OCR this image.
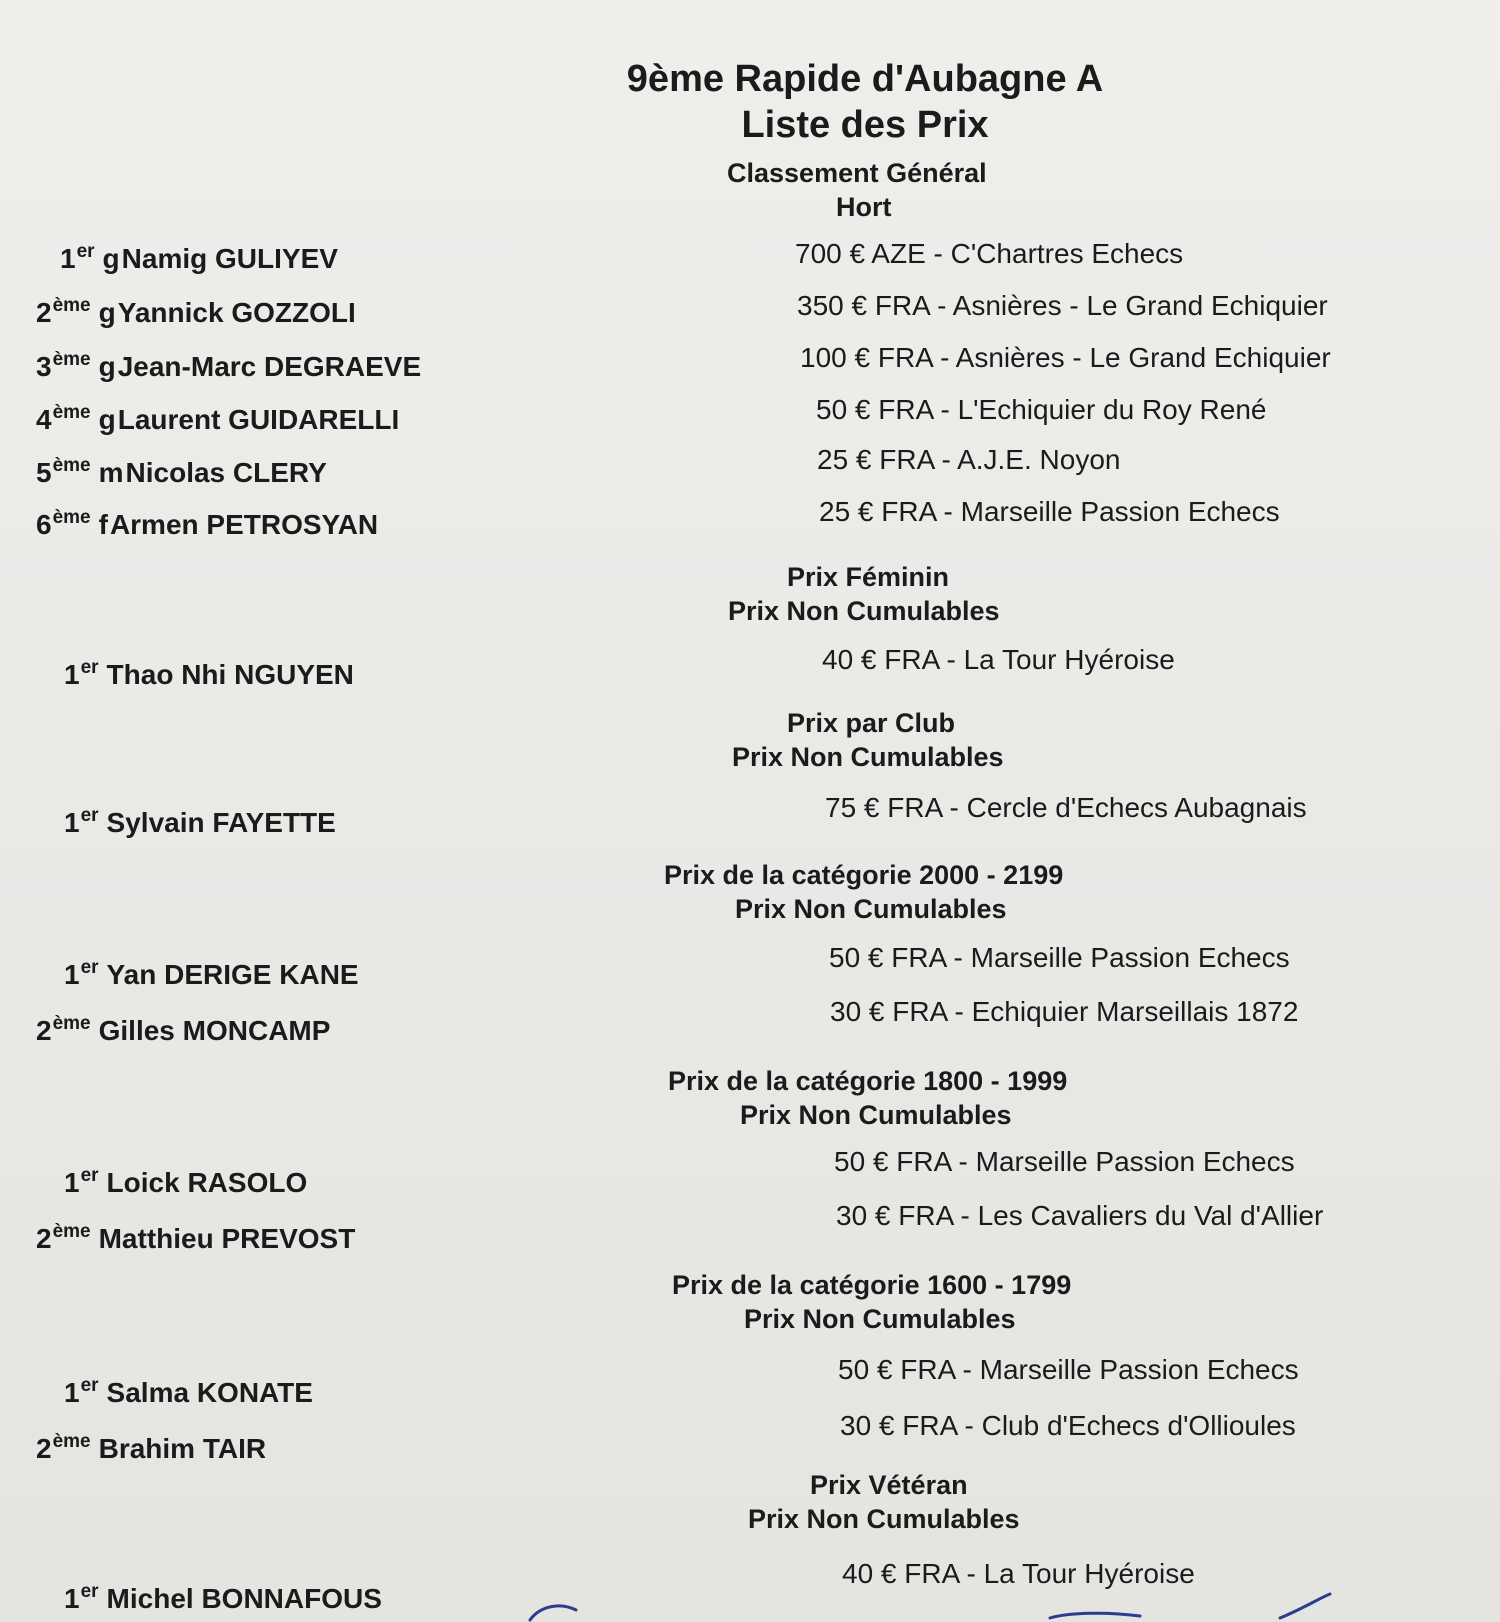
9ème Rapide d'Aubagne A
Liste des Prix
Classement Général
Hort
1er gNamig GULIYEV	700 € AZE - C'Chartres Echecs
2ème gYannick GOZZOLI	350 € FRA - Asnières - Le Grand Echiquier
3ème gJean-Marc DEGRAEVE	100 € FRA - Asnières - Le Grand Echiquier
4ème gLaurent GUIDARELLI	50 € FRA - L'Echiquier du Roy René
5ème mNicolas CLERY	25 € FRA - A.J.E. Noyon
6ème fArmen PETROSYAN	25 € FRA - Marseille Passion Echecs
Prix Féminin
Prix Non Cumulables
1er Thao Nhi NGUYEN	40 € FRA - La Tour Hyéroise
Prix par Club
Prix Non Cumulables
1er Sylvain FAYETTE	75 € FRA - Cercle d'Echecs Aubagnais
Prix de la catégorie 2000 - 2199
Prix Non Cumulables
1er Yan DERIGE KANE
50 € FRA - Marseille Passion Echecs
2ème Gilles MONCAMP
30 € FRA - Echiquier Marseillais 1872
Prix de la catégorie 1800 - 1999
Prix Non Cumulables
1er Loick RASOLO
50 € FRA - Marseille Passion Echecs
2ème Matthieu PREVOST
30 € FRA - Les Cavaliers du Val d'Allier
Prix de la catégorie 1600 - 1799
Prix Non Cumulables
1er Salma KONATE
50 € FRA - Marseille Passion Echecs
2ème Brahim TAIR
30 € FRA - Club d'Echecs d'Ollioules
Prix Vétéran
Prix Non Cumulables
1er Michel BONNAFOUS
40 € FRA - La Tour Hyéroise
